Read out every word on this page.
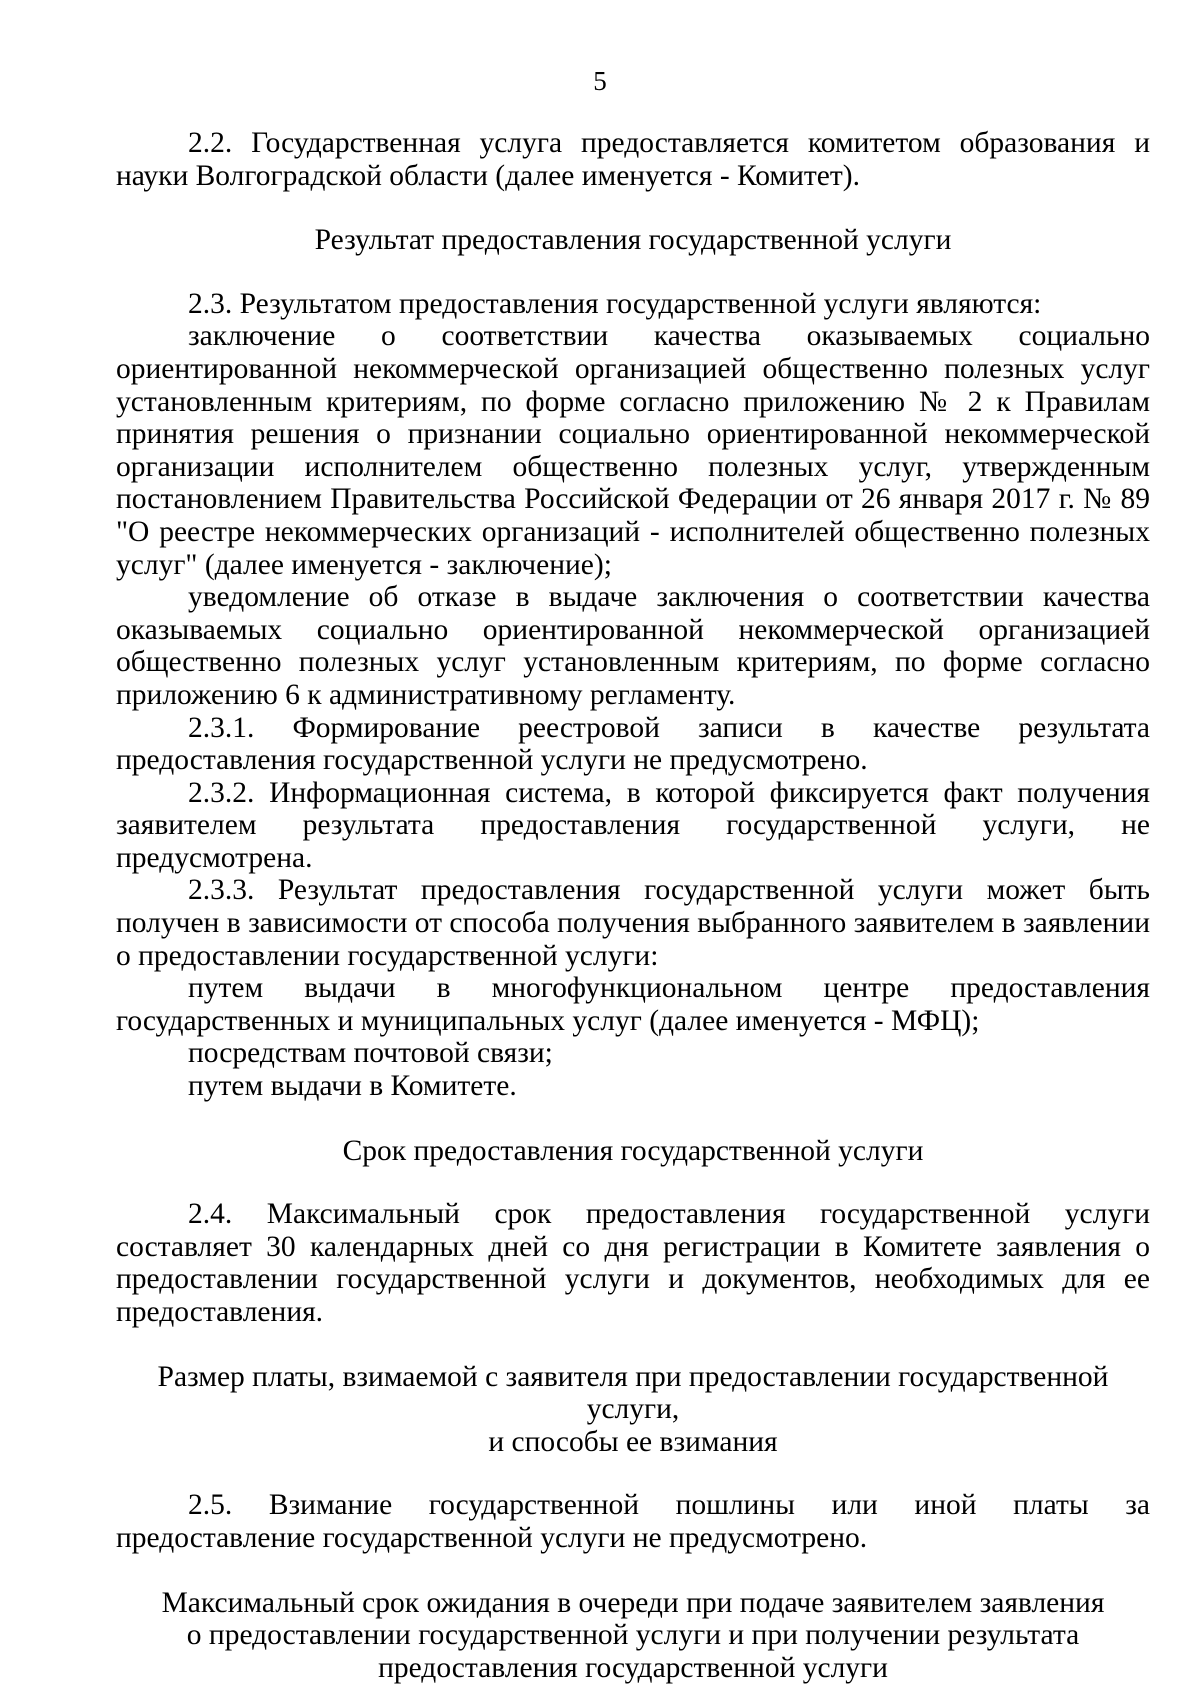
5

2.2. Государственная услуга предоставляется комитетом образования и науки Волгоградской области (далее именуется - Комитет).

Результат предоставления государственной услуги

2.3. Результатом предоставления государственной услуги являются:

заключение о соответствии качества оказываемых социально ориентированной некоммерческой организацией общественно полезных услуг установленным критериям, по форме согласно приложению № 2 к Правилам принятия решения о признании социально ориентированной некоммерческой организации исполнителем общественно полезных услуг, утвержденным постановлением Правительства Российской Федерации от 26 января 2017 г. № 89 "О реестре некоммерческих организаций - исполнителей общественно полезных услуг" (далее именуется - заключение);

уведомление об отказе в выдаче заключения о соответствии качества оказываемых социально ориентированной некоммерческой организацией общественно полезных услуг установленным критериям, по форме согласно приложению 6 к административному регламенту.

2.3.1. Формирование реестровой записи в качестве результата предоставления государственной услуги не предусмотрено.

2.3.2. Информационная система, в которой фиксируется факт получения заявителем результата предоставления государственной услуги, не предусмотрена.

2.3.3. Результат предоставления государственной услуги может быть получен в зависимости от способа получения выбранного заявителем в заявлении о предоставлении государственной услуги:

путем выдачи в многофункциональном центре предоставления государственных и муниципальных услуг (далее именуется - МФЦ);

посредствам почтовой связи;

путем выдачи в Комитете.

Срок предоставления государственной услуги

2.4. Максимальный срок предоставления государственной услуги составляет 30 календарных дней со дня регистрации в Комитете заявления о предоставлении государственной услуги и документов, необходимых для ее предоставления.

Размер платы, взимаемой с заявителя при предоставлении государственной услуги,

и способы ее взимания

2.5. Взимание государственной пошлины или иной платы за предоставление государственной услуги не предусмотрено.

Максимальный срок ожидания в очереди при подаче заявителем заявления

о предоставлении государственной услуги и при получении результата

предоставления государственной услуги
